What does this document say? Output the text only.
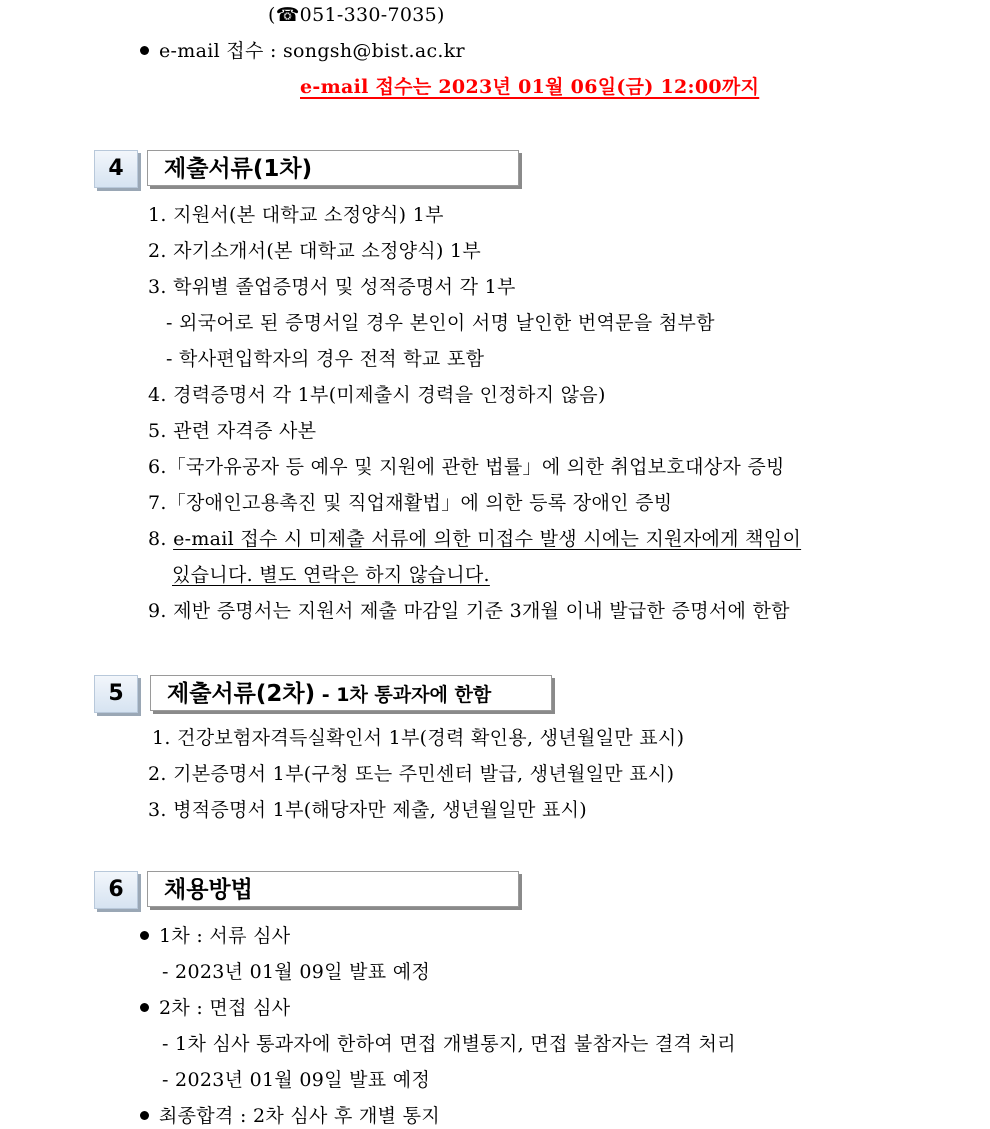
(☎051-330-7035)
e-mail 접수 : songsh@bist.ac.kr
e-mail 접수는 2023년 01월 06일(금) 12:00까지
4	제출서류(1차)
1. 지원서(본 대학교 소정양식) 1부
2. 자기소개서(본 대학교 소정양식) 1부
3. 학위별 졸업증명서 및 성적증명서 각 1부
- 외국어로 된 증명서일 경우 본인이 서명 날인한 번역문을 첨부함
- 학사편입학자의 경우 전적 학교 포함
4. 경력증명서 각 1부(미제출시 경력을 인정하지 않음)
5. 관련 자격증 사본
6.「국가유공자 등 예우 및 지원에 관한 법률」에 의한 취업보호대상자 증빙
7.「장애인고용촉진 및 직업재활법」에 의한 등록 장애인 증빙
8. e-mail 접수 시 미제출 서류에 의한 미접수 발생 시에는 지원자에게 책임이
있습니다. 별도 연락은 하지 않습니다.
9. 제반 증명서는 지원서 제출 마감일 기준 3개월 이내 발급한 증명서에 한함
5	제출서류(2차) - 1차 통과자에 한함
1. 건강보험자격득실확인서 1부(경력 확인용, 생년월일만 표시)
2. 기본증명서 1부(구청 또는 주민센터 발급, 생년월일만 표시)
3. 병적증명서 1부(해당자만 제출, 생년월일만 표시)
6	채용방법
1차 : 서류 심사
- 2023년 01월 09일 발표 예정
2차 : 면접 심사
- 1차 심사 통과자에 한하여 면접 개별통지, 면접 불참자는 결격 처리
- 2023년 01월 09일 발표 예정
최종합격 : 2차 심사 후 개별 통지
